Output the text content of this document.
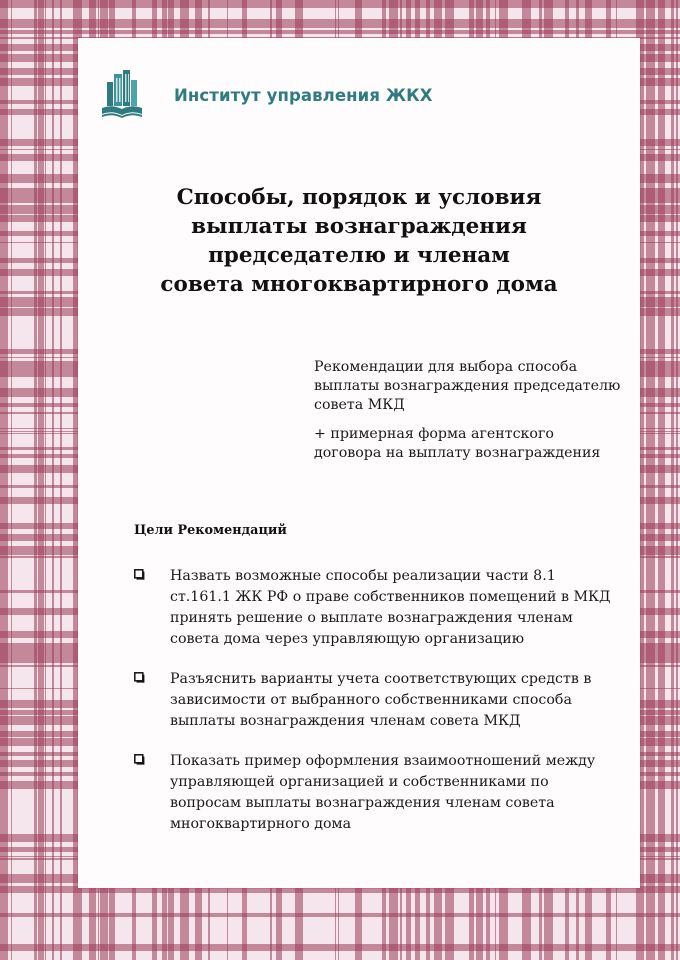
Институт управления ЖКХ
Способы, порядок и условия
выплаты вознаграждения
председателю и членам
совета многоквартирного дома
Рекомендации для выбора способа
выплаты вознаграждения председателю
совета МКД
+ примерная форма агентского
договора на выплату вознаграждения
Цели Рекомендаций
Назвать возможные способы реализации части 8.1
ст.161.1 ЖК РФ о праве собственников помещений в МКД
принять решение о выплате вознаграждения членам
совета дома через управляющую организацию
Разъяснить варианты учета соответствующих средств в
зависимости от выбранного собственниками способа
выплаты вознаграждения членам совета МКД
Показать пример оформления взаимоотношений между
управляющей организацией и собственниками по
вопросам выплаты вознаграждения членам совета
многоквартирного дома
